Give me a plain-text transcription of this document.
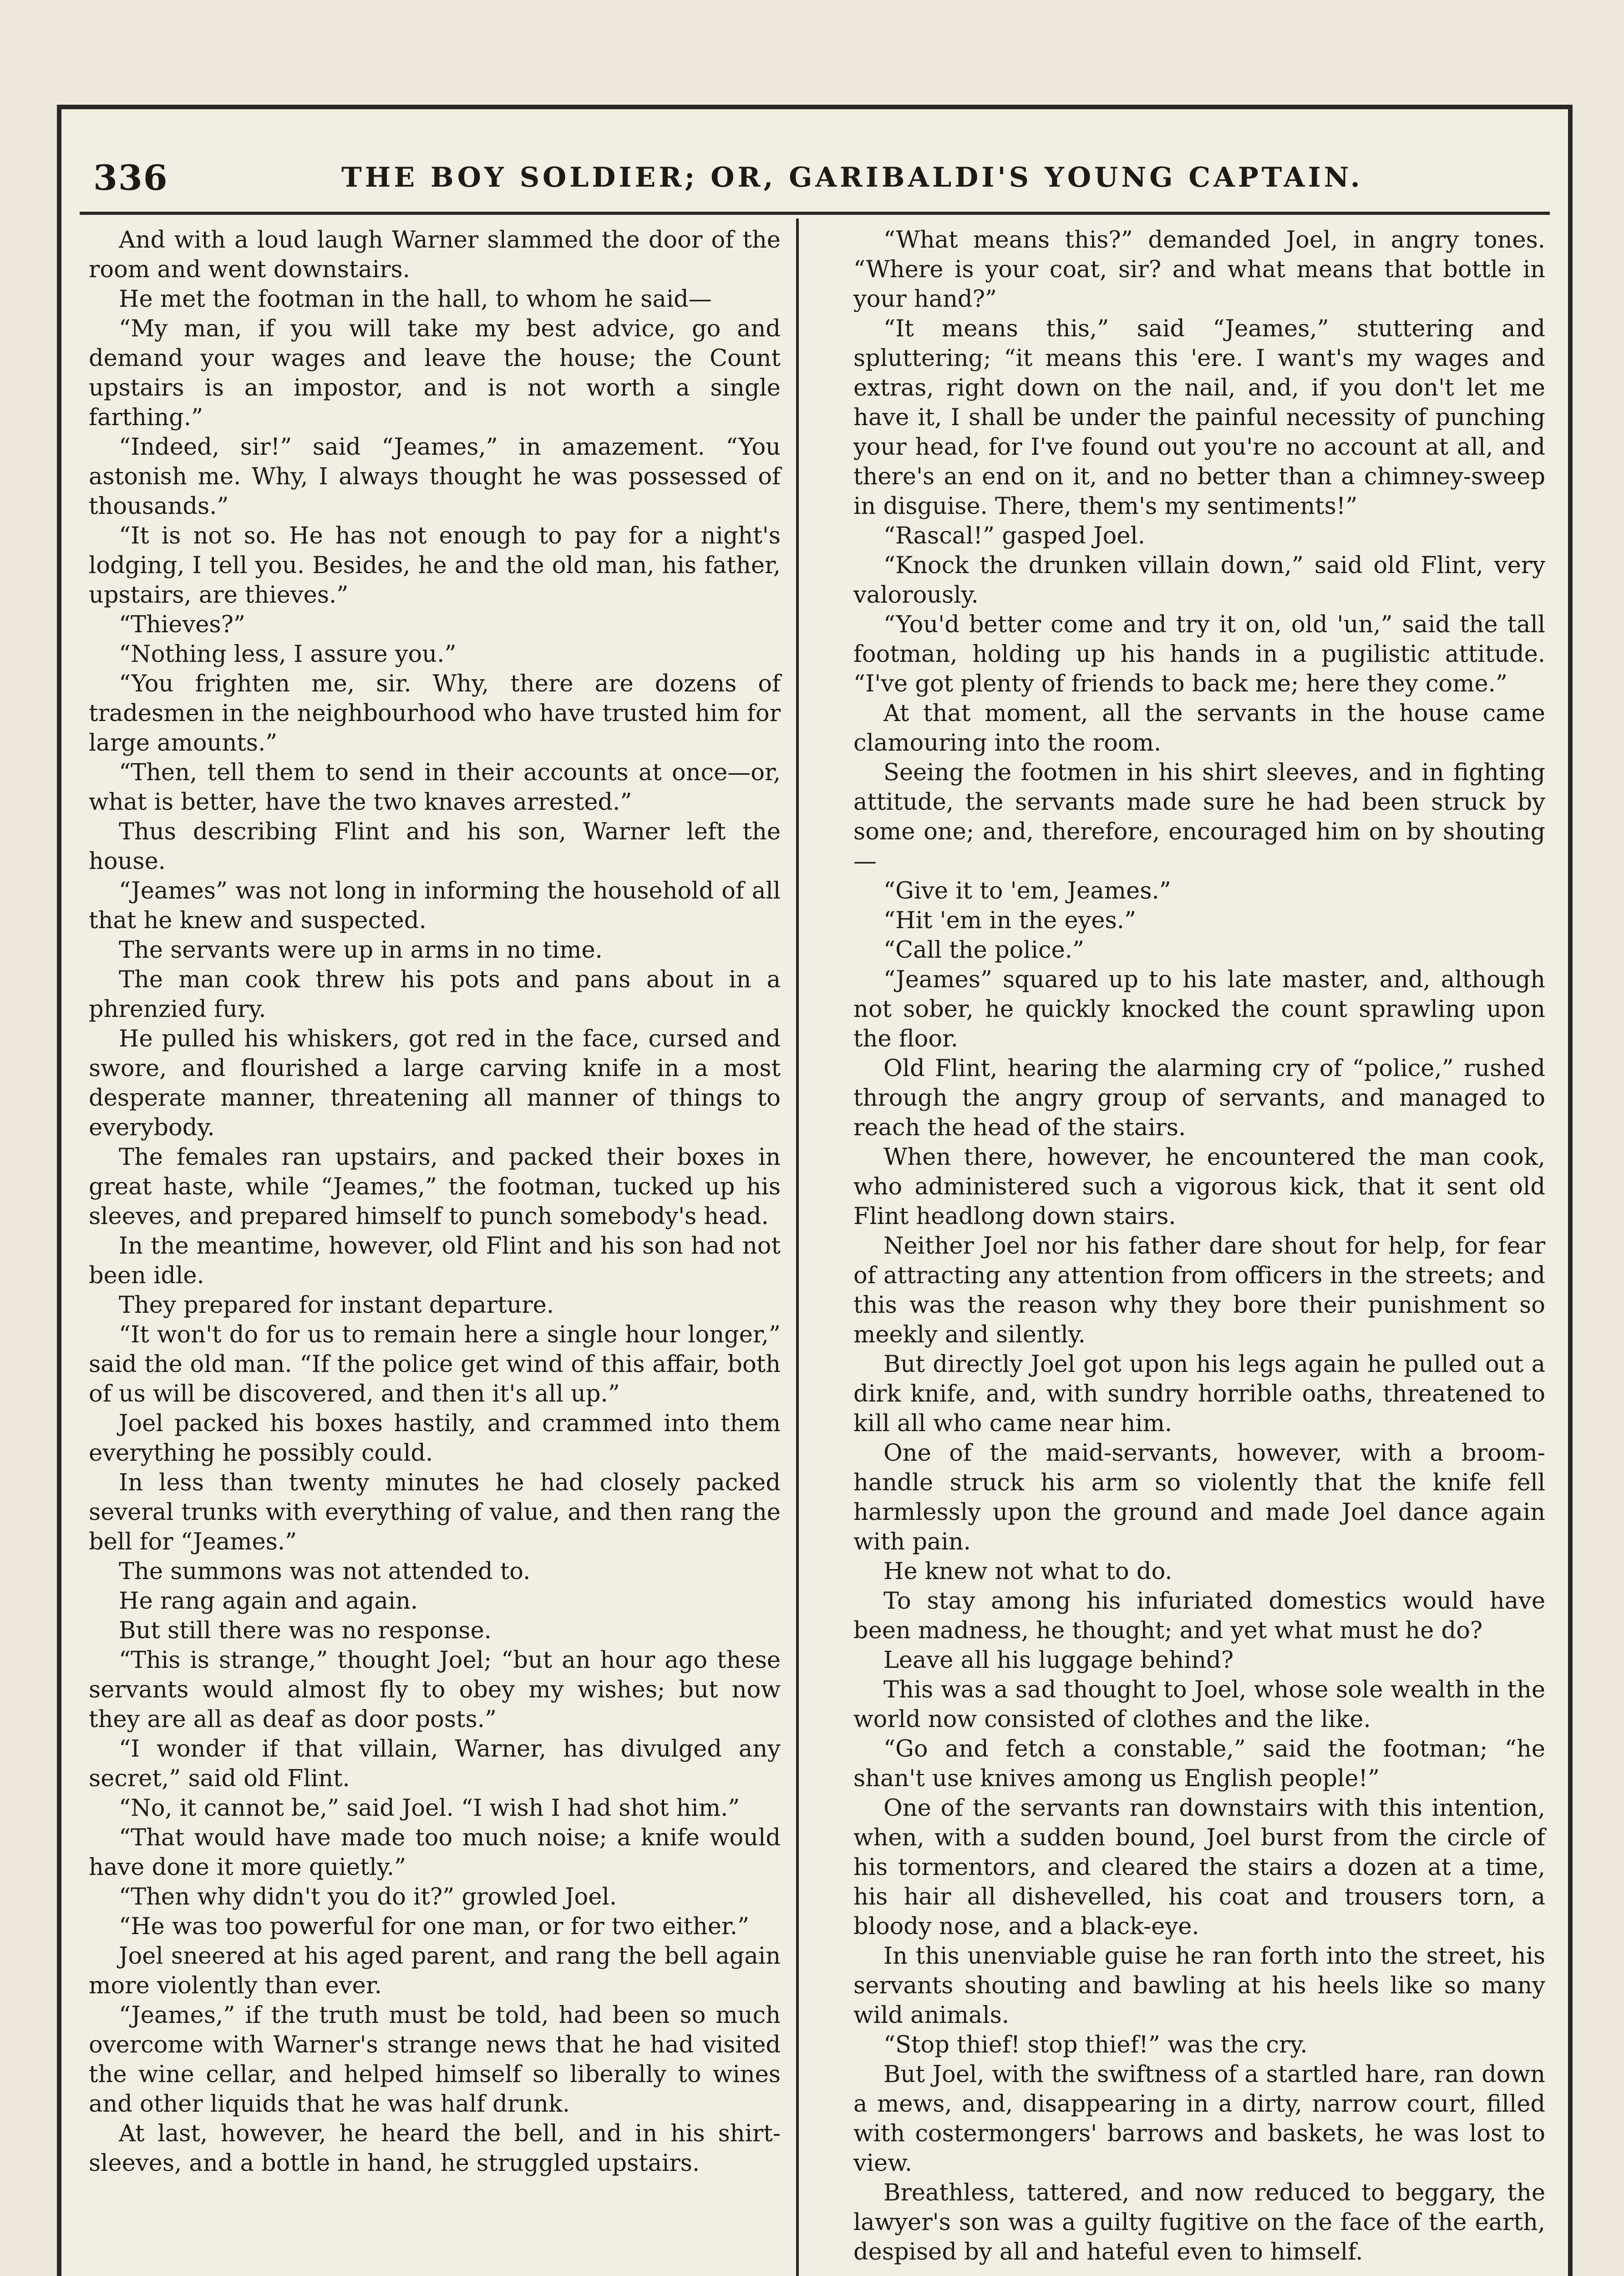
336	THE BOY SOLDIER; OR, GARIBALDI'S YOUNG CAPTAIN.

And with a loud laugh Warner slammed the door of the room and went downstairs.

He met the footman in the hall, to whom he said—

“My man, if you will take my best advice, go and demand your wages and leave the house; the Count upstairs is an impostor, and is not worth a single farthing.”

“Indeed, sir!” said “Jeames,” in amazement. “You astonish me. Why, I always thought he was possessed of thousands.”

“It is not so. He has not enough to pay for a night's lodging, I tell you. Besides, he and the old man, his father, upstairs, are thieves.”

“Thieves?”

“Nothing less, I assure you.”

“You frighten me, sir. Why, there are dozens of tradesmen in the neighbourhood who have trusted him for large amounts.”

“Then, tell them to send in their accounts at once—or, what is better, have the two knaves arrested.”

Thus describing Flint and his son, Warner left the house.

“Jeames” was not long in informing the household of all that he knew and suspected.

The servants were up in arms in no time.

The man cook threw his pots and pans about in a phrenzied fury.

He pulled his whiskers, got red in the face, cursed and swore, and flourished a large carving knife in a most desperate manner, threatening all manner of things to everybody.

The females ran upstairs, and packed their boxes in great haste, while “Jeames,” the footman, tucked up his sleeves, and prepared himself to punch somebody's head.

In the meantime, however, old Flint and his son had not been idle.

They prepared for instant departure.

“It won't do for us to remain here a single hour longer,” said the old man. “If the police get wind of this affair, both of us will be discovered, and then it's all up.”

Joel packed his boxes hastily, and crammed into them everything he possibly could.

In less than twenty minutes he had closely packed several trunks with everything of value, and then rang the bell for “Jeames.”

The summons was not attended to.

He rang again and again.

But still there was no response.

“This is strange,” thought Joel; “but an hour ago these servants would almost fly to obey my wishes; but now they are all as deaf as door posts.”

“I wonder if that villain, Warner, has divulged any secret,” said old Flint.

“No, it cannot be,” said Joel. “I wish I had shot him.”

“That would have made too much noise; a knife would have done it more quietly.”

“Then why didn't you do it?” growled Joel.

“He was too powerful for one man, or for two either.”

Joel sneered at his aged parent, and rang the bell again more violently than ever.

“Jeames,” if the truth must be told, had been so much overcome with Warner's strange news that he had visited the wine cellar, and helped himself so liberally to wines and other liquids that he was half drunk.

At last, however, he heard the bell, and in his shirt-sleeves, and a bottle in hand, he struggled upstairs.

“What means this?” demanded Joel, in angry tones. “Where is your coat, sir? and what means that bottle in your hand?”

“It means this,” said “Jeames,” stuttering and spluttering; “it means this 'ere. I want's my wages and extras, right down on the nail, and, if you don't let me have it, I shall be under the painful necessity of punching your head, for I've found out you're no account at all, and there's an end on it, and no better than a chimney-sweep in disguise. There, them's my sentiments!”

“Rascal!” gasped Joel.

“Knock the drunken villain down,” said old Flint, very valorously.

“You'd better come and try it on, old 'un,” said the tall footman, holding up his hands in a pugilistic attitude. “I've got plenty of friends to back me; here they come.”

At that moment, all the servants in the house came clamouring into the room.

Seeing the footmen in his shirt sleeves, and in fighting attitude, the servants made sure he had been struck by some one; and, therefore, encouraged him on by shouting—

“Give it to 'em, Jeames.”

“Hit 'em in the eyes.”

“Call the police.”

“Jeames” squared up to his late master, and, although not sober, he quickly knocked the count sprawling upon the floor.

Old Flint, hearing the alarming cry of “police,” rushed through the angry group of servants, and managed to reach the head of the stairs.

When there, however, he encountered the man cook, who administered such a vigorous kick, that it sent old Flint headlong down stairs.

Neither Joel nor his father dare shout for help, for fear of attracting any attention from officers in the streets; and this was the reason why they bore their punishment so meekly and silently.

But directly Joel got upon his legs again he pulled out a dirk knife, and, with sundry horrible oaths, threatened to kill all who came near him.

One of the maid-servants, however, with a broom-handle struck his arm so violently that the knife fell harmlessly upon the ground and made Joel dance again with pain.

He knew not what to do.

To stay among his infuriated domestics would have been madness, he thought; and yet what must he do?

Leave all his luggage behind?

This was a sad thought to Joel, whose sole wealth in the world now consisted of clothes and the like.

“Go and fetch a constable,” said the footman; “he shan't use knives among us English people!”

One of the servants ran downstairs with this intention, when, with a sudden bound, Joel burst from the circle of his tormentors, and cleared the stairs a dozen at a time, his hair all dishevelled, his coat and trousers torn, a bloody nose, and a black-eye.

In this unenviable guise he ran forth into the street, his servants shouting and bawling at his heels like so many wild animals.

“Stop thief! stop thief!” was the cry.

But Joel, with the swiftness of a startled hare, ran down a mews, and, disappearing in a dirty, narrow court, filled with costermongers' barrows and baskets, he was lost to view.

Breathless, tattered, and now reduced to beggary, the lawyer's son was a guilty fugitive on the face of the earth, despised by all and hateful even to himself.
